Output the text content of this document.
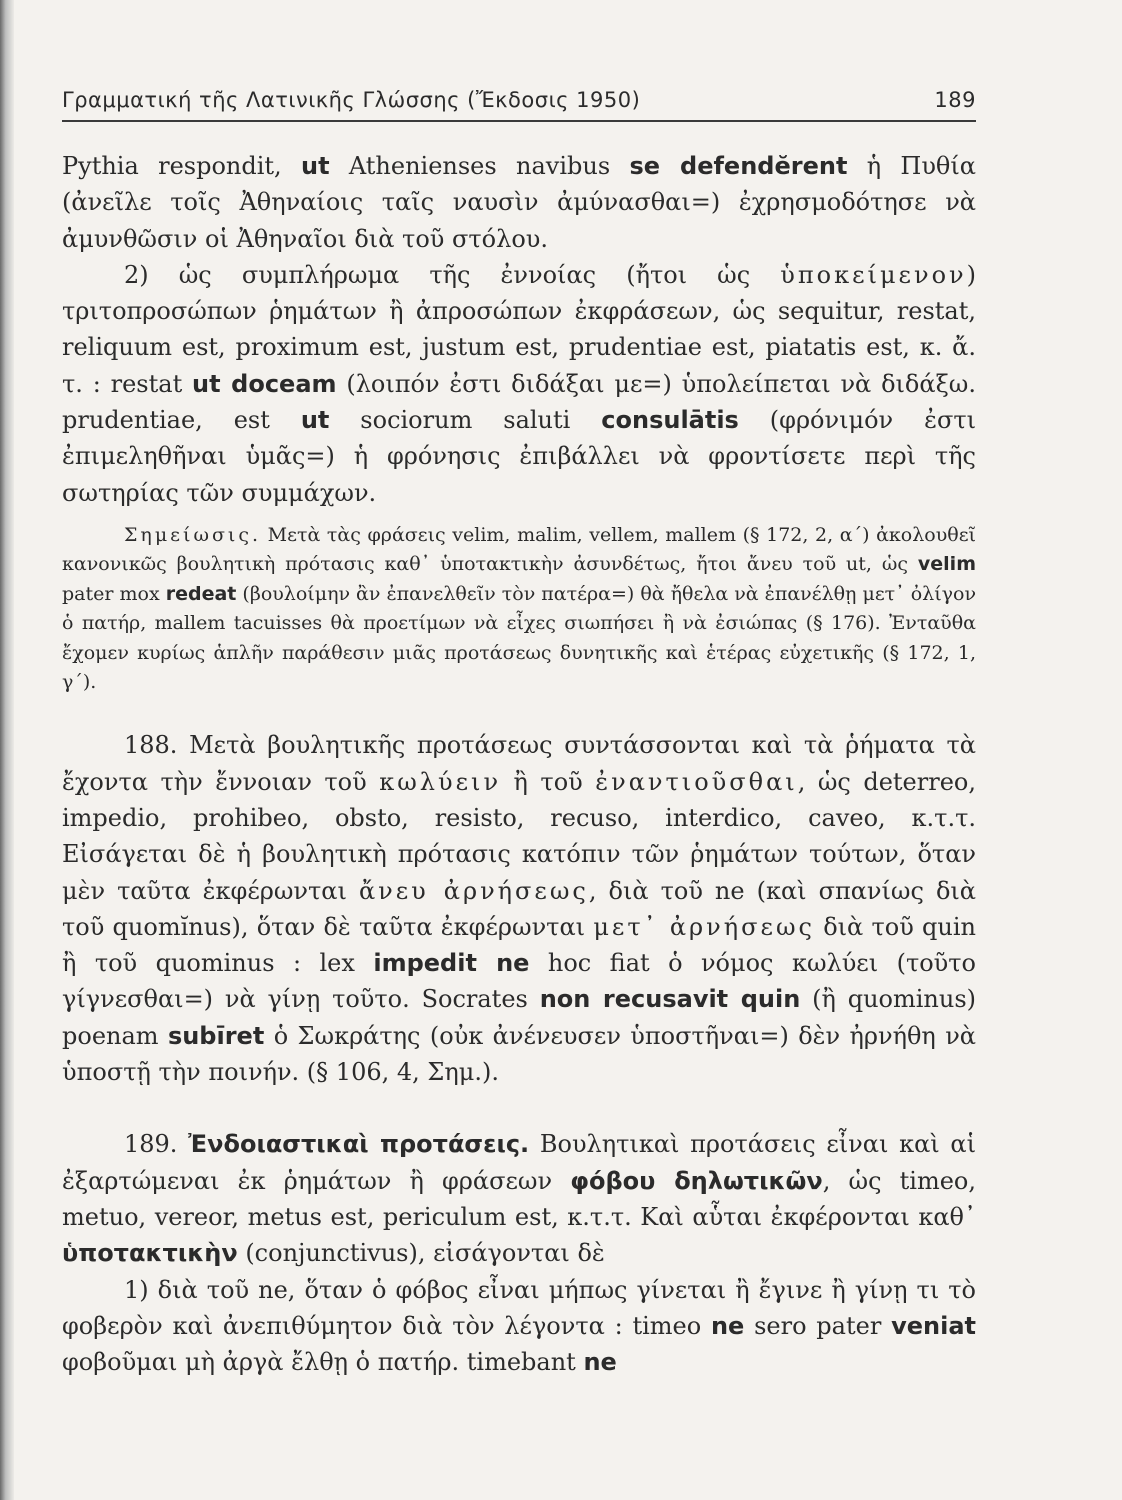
Γραμματική τῆς Λατινικῆς Γλώσσης (Ἔκδοσις 1950)	189

Pythia respondit, ut Athenienses navibus se defendĕrent ἡ Πυθία (ἀνεῖλε τοῖς Ἀθηναίοις ταῖς ναυσὶν ἀμύνασθαι=) ἐχρησμοδότησε νὰ ἀμυνθῶσιν οἱ Ἀθηναῖοι διὰ τοῦ στόλου.

2) ὡς συμπλήρωμα τῆς ἐννοίας (ἤτοι ὡς ὑποκείμενον) τριτοπροσώπων ῥημάτων ἢ ἀπροσώπων ἐκφράσεων, ὡς sequitur, restat, reliquum est, proximum est, justum est, prudentiae est, piatatis est, κ. ἄ. τ. : restat ut doceam (λοιπόν ἐστι διδάξαι με=) ὑπολείπεται νὰ διδάξω. prudentiae, est ut sociorum saluti consulātis (φρόνιμόν ἐστι ἐπιμεληθῆναι ὑμᾶς=) ἡ φρόνησις ἐπιβάλλει νὰ φροντίσετε περὶ τῆς σωτηρίας τῶν συμμάχων.

Σημείωσις. Μετὰ τὰς φράσεις velim, malim, vellem, mallem (§ 172, 2, α΄) ἀκολουθεῖ κανονικῶς βουλητικὴ πρότασις καθ᾽ ὑποτακτικὴν ἀσυνδέτως, ἤτοι ἄνευ τοῦ ut, ὡς velim pater mox redeat (βουλοίμην ἂν ἐπανελθεῖν τὸν πατέρα=) θὰ ἤθελα νὰ ἐπανέλθῃ μετ᾽ ὀλίγον ὁ πατήρ, mallem tacuisses θὰ προετίμων νὰ εἶχες σιωπήσει ἢ νὰ ἐσιώπας (§ 176). Ἐνταῦθα ἔχομεν κυρίως ἁπλῆν παράθεσιν μιᾶς προτάσεως δυνητικῆς καὶ ἑτέρας εὐχετικῆς (§ 172, 1, γ΄).

188. Μετὰ βουλητικῆς προτάσεως συντάσσονται καὶ τὰ ῥήματα τὰ ἔχοντα τὴν ἔννοιαν τοῦ κωλύειν ἢ τοῦ ἐναντιοῦσθαι, ὡς deterreo, impedio, prohibeo, obsto, resisto, recuso, interdico, caveo, κ.τ.τ. Εἰσάγεται δὲ ἡ βουλητικὴ πρότασις κατόπιν τῶν ῥημάτων τούτων, ὅταν μὲν ταῦτα ἐκφέρωνται ἄνευ ἀρνήσεως, διὰ τοῦ ne (καὶ σπανίως διὰ τοῦ quomĭnus), ὅταν δὲ ταῦτα ἐκφέρωνται μετ᾽ ἀρνήσεως διὰ τοῦ quin ἢ τοῦ quominus : lex impedit ne hoc fiat ὁ νόμος κωλύει (τοῦτο γίγνεσθαι=) νὰ γίνῃ τοῦτο. Socrates non recusavit quin (ἢ quominus) poenam subīret ὁ Σωκράτης (οὐκ ἀνένευσεν ὑποστῆναι=) δὲν ἠρνήθη νὰ ὑποστῇ τὴν ποινήν. (§ 106, 4, Σημ.).

189. Ἐνδοιαστικαὶ προτάσεις. Βουλητικαὶ προτάσεις εἶναι καὶ αἱ ἐξαρτώμεναι ἐκ ῥημάτων ἢ φράσεων φόβου δηλωτικῶν, ὡς timeo, metuo, vereor, metus est, periculum est, κ.τ.τ. Καὶ αὗται ἐκφέρονται καθ᾽ ὑποτακτικὴν (conjunctivus), εἰσάγονται δὲ

1) διὰ τοῦ ne, ὅταν ὁ φόβος εἶναι μήπως γίνεται ἢ ἔγινε ἢ γίνῃ τι τὸ φοβερὸν καὶ ἀνεπιθύμητον διὰ τὸν λέγοντα : timeo ne sero pater veniat φοβοῦμαι μὴ ἀργὰ ἔλθῃ ὁ πατήρ. timebant ne
